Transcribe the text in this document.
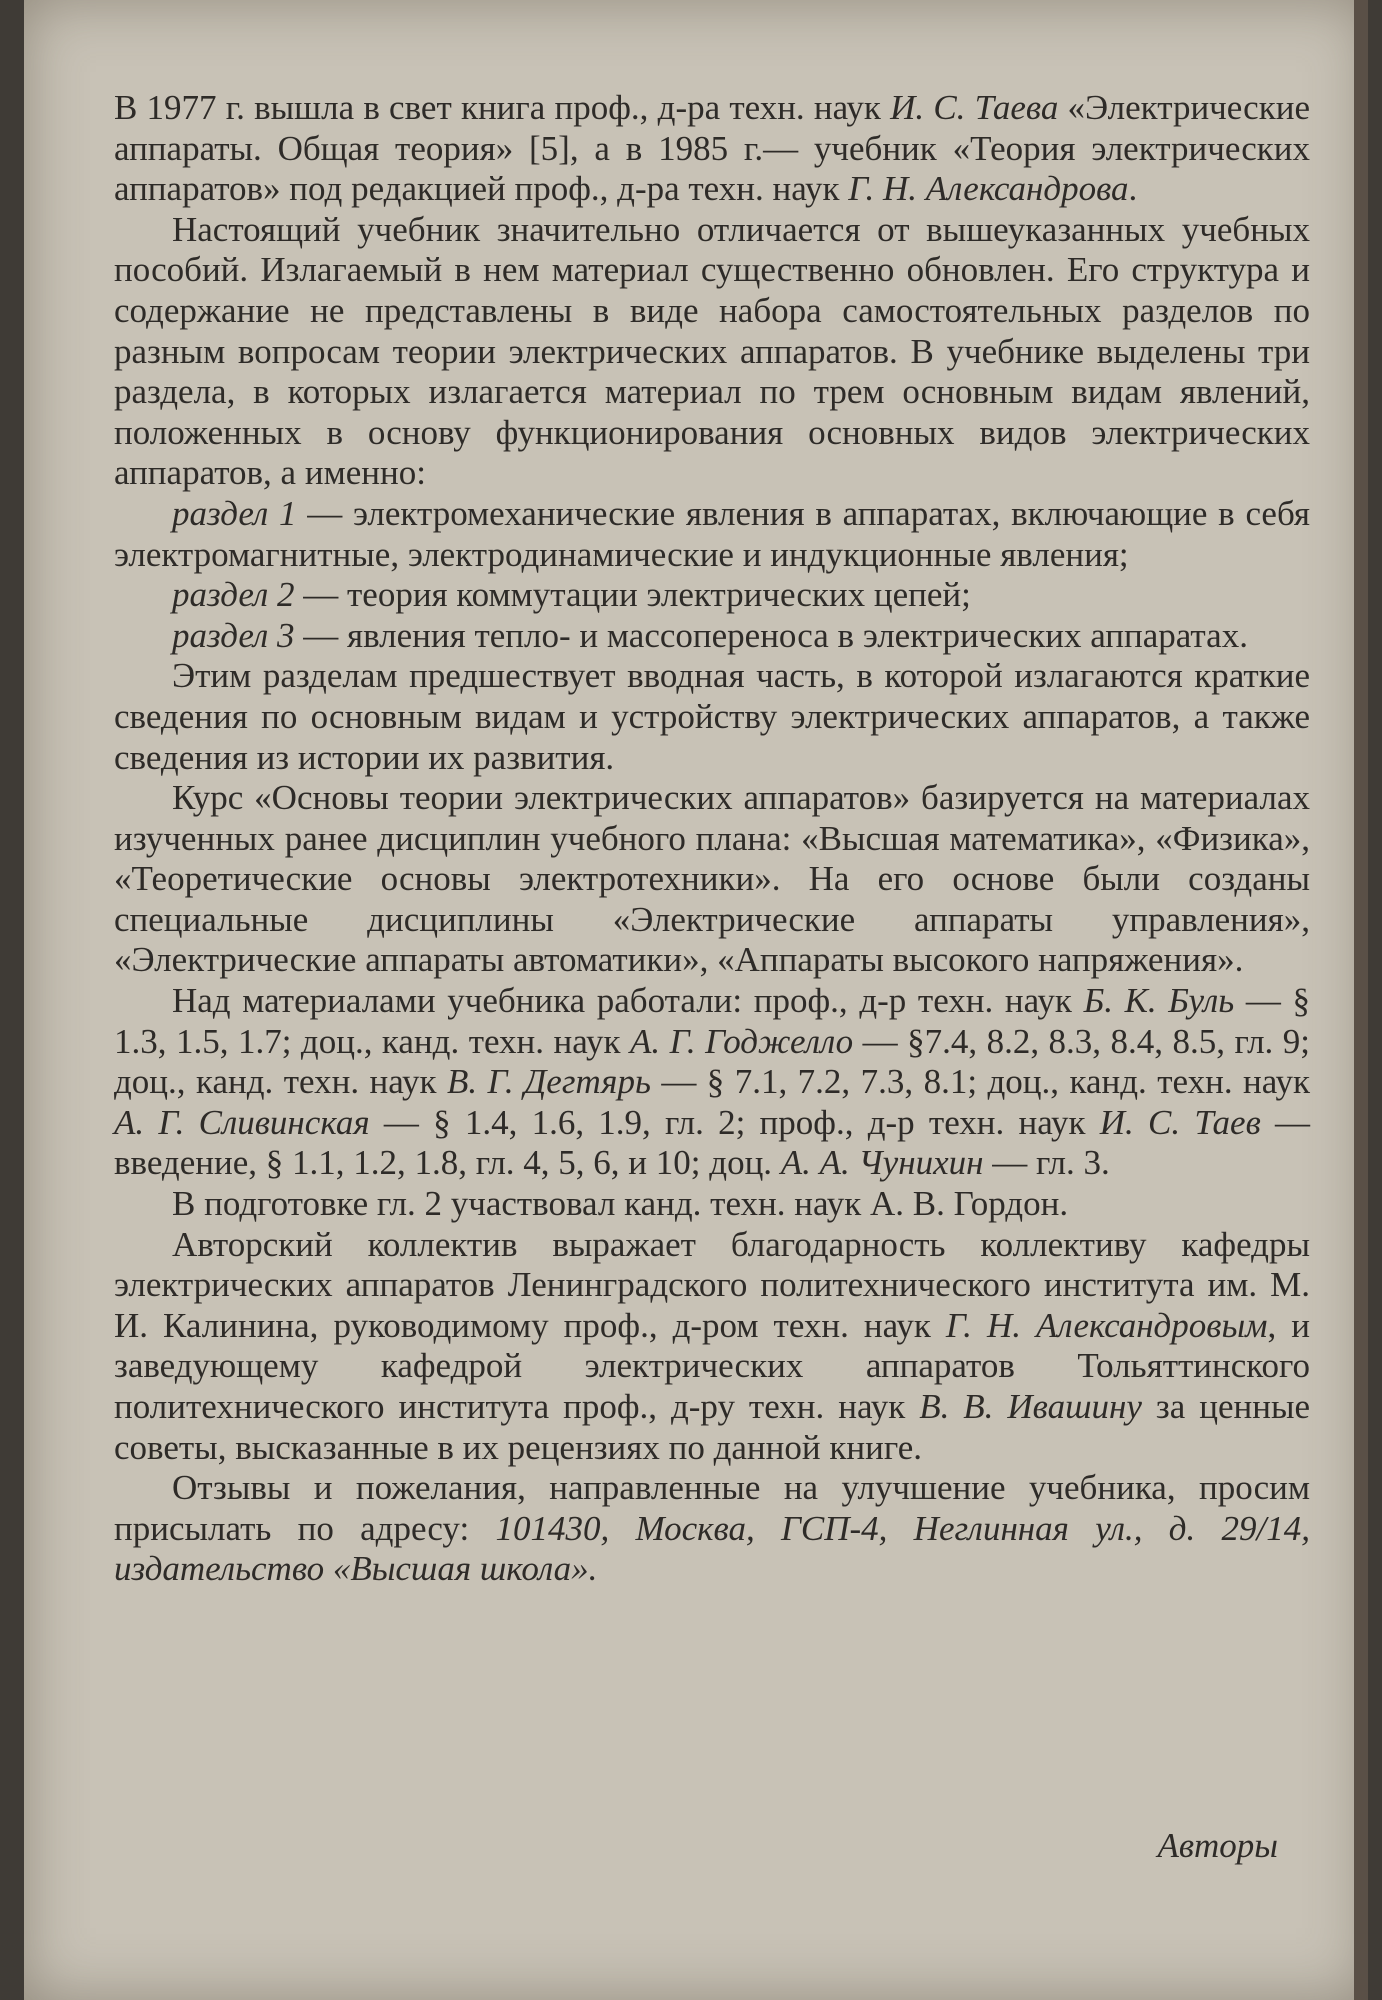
В 1977 г. вышла в свет книга проф., д-ра техн. наук И. С. Таева «Электрические аппараты. Общая теория» [5], а в 1985 г.— учебник «Теория электрических аппаратов» под редакцией проф., д-ра техн. наук Г. Н. Александрова.

Настоящий учебник значительно отличается от вышеуказанных учебных пособий. Излагаемый в нем материал существенно обновлен. Его структура и содержание не представлены в виде набора самостоятельных разделов по разным вопросам теории электрических аппаратов. В учебнике выделены три раздела, в которых излагается материал по трем основным видам явлений, положенных в основу функционирования основных видов электрических аппаратов, а именно:

раздел 1 — электромеханические явления в аппаратах, включающие в себя электромагнитные, электродинамические и индукционные явления;

раздел 2 — теория коммутации электрических цепей;

раздел 3 — явления тепло- и массопереноса в электрических аппаратах.

Этим разделам предшествует вводная часть, в которой излагаются краткие сведения по основным видам и устройству электрических аппаратов, а также сведения из истории их развития.

Курс «Основы теории электрических аппаратов» базируется на материалах изученных ранее дисциплин учебного плана: «Высшая математика», «Физика», «Теоретические основы электротехники». На его основе были созданы специальные дисциплины «Электрические аппараты управления», «Электрические аппараты автоматики», «Аппараты высокого напряжения».

Над материалами учебника работали: проф., д-р техн. наук Б. К. Буль — § 1.3, 1.5, 1.7; доц., канд. техн. наук А. Г. Годжелло — §7.4, 8.2, 8.3, 8.4, 8.5, гл. 9; доц., канд. техн. наук В. Г. Дегтярь — § 7.1, 7.2, 7.3, 8.1; доц., канд. техн. наук А. Г. Сливинская — § 1.4, 1.6, 1.9, гл. 2; проф., д-р техн. наук И. С. Таев — введение, § 1.1, 1.2, 1.8, гл. 4, 5, 6, и 10; доц. А. А. Чунихин — гл. 3.

В подготовке гл. 2 участвовал канд. техн. наук А. В. Гордон.

Авторский коллектив выражает благодарность коллективу кафедры электрических аппаратов Ленинградского политехнического института им. М. И. Калинина, руководимому проф., д-ром техн. наук Г. Н. Александровым, и заведующему кафедрой электрических аппаратов Тольяттинского политехнического института проф., д-ру техн. наук В. В. Ивашину за ценные советы, высказанные в их рецензиях по данной книге.

Отзывы и пожелания, направленные на улучшение учебника, просим присылать по адресу: 101430, Москва, ГСП-4, Неглинная ул., д. 29/14, издательство «Высшая школа».

Авторы
